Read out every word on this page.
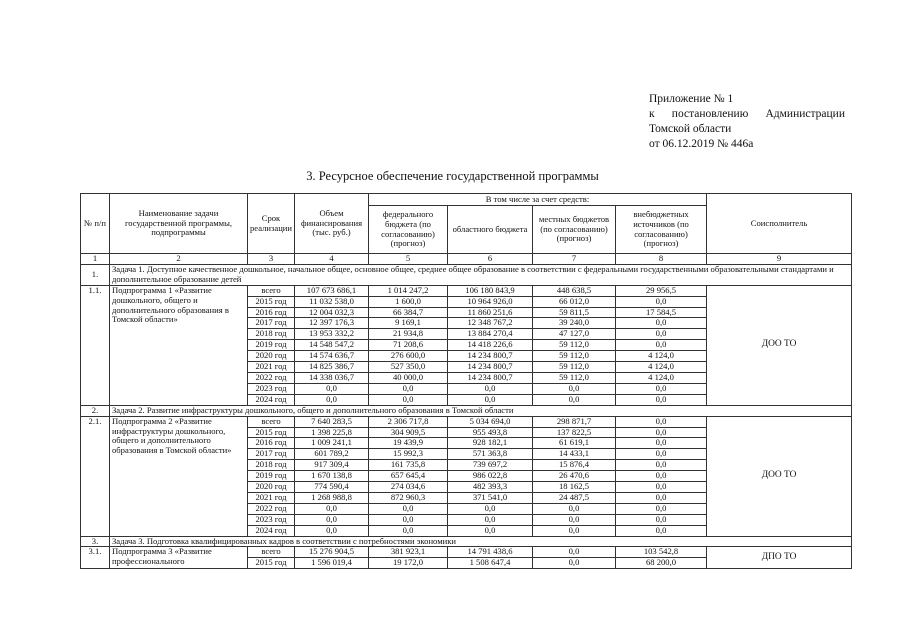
Приложение № 1
к постановлению Администрации
Томской области
от 06.12.2019 № 446а
3. Ресурсное обеспечение государственной программы
№ п/п	Наименование задачи государственной программы, подпрограммы	Срок реализации	Объем финансирования (тыс. руб.)	В том числе за счет средств:				Соисполнитель
				федерального бюджета (по согласованию) (прогноз)	областного бюджета	местных бюджетов (по согласованию) (прогноз)	внебюджетных источников (по согласованию) (прогноз)	
1	2	3	4	5	6	7	8	9
1.	Задача 1. Доступное качественное дошкольное, начальное общее, основное общее, среднее общее образование в соответствии с федеральными государственными образовательными стандартами и дополнительное образование детей							
1.1.	Подпрограмма 1 «Развитие дошкольного, общего и дополнительного образования в Томской области»	всего	107 673 686,1	1 014 247,2	106 180 843,9	448 638,5	29 956,5	ДОО ТО
		2015 год	11 032 538,0	1 600,0	10 964 926,0	66 012,0	0,0	
		2016 год	12 004 032,3	66 384,7	11 860 251,6	59 811,5	17 584,5	
		2017 год	12 397 176,3	9 169,1	12 348 767,2	39 240,0	0,0	
		2018 год	13 953 332,2	21 934,8	13 884 270,4	47 127,0	0,0	
		2019 год	14 548 547,2	71 208,6	14 418 226,6	59 112,0	0,0	
		2020 год	14 574 636,7	276 600,0	14 234 800,7	59 112,0	4 124,0	
		2021 год	14 825 386,7	527 350,0	14 234 800,7	59 112,0	4 124,0	
		2022 год	14 338 036,7	40 000,0	14 234 800,7	59 112,0	4 124,0	
		2023 год	0,0	0,0	0,0	0,0	0,0	
		2024 год	0,0	0,0	0,0	0,0	0,0	
2.	Задача 2. Развитие инфраструктуры дошкольного, общего и дополнительного образования в Томской области							
2.1.	Подпрограмма 2 «Развитие инфраструктуры дошкольного, общего и дополнительного образования в Томской области»	всего	7 640 283,5	2 306 717,8	5 034 694,0	298 871,7	0,0	ДОО ТО
		2015 год	1 398 225,8	304 909,5	955 493,8	137 822,5	0,0	
		2016 год	1 009 241,1	19 439,9	928 182,1	61 619,1	0,0	
		2017 год	601 789,2	15 992,3	571 363,8	14 433,1	0,0	
		2018 год	917 309,4	161 735,8	739 697,2	15 876,4	0,0	
		2019 год	1 670 138,8	657 645,4	986 022,8	26 470,6	0,0	
		2020 год	774 590,4	274 034,6	482 393,3	18 162,5	0,0	
		2021 год	1 268 988,8	872 960,3	371 541,0	24 487,5	0,0	
		2022 год	0,0	0,0	0,0	0,0	0,0	
		2023 год	0,0	0,0	0,0	0,0	0,0	
		2024 год	0,0	0,0	0,0	0,0	0,0	
3.	Задача 3. Подготовка квалифицированных кадров в соответствии с потребностями экономики							
3.1.	Подпрограмма 3 «Развитие профессионального	всего	15 276 904,5	381 923,1	14 791 438,6	0,0	103 542,8	ДПО ТО
		2015 год	1 596 019,4	19 172,0	1 508 647,4	0,0	68 200,0	
